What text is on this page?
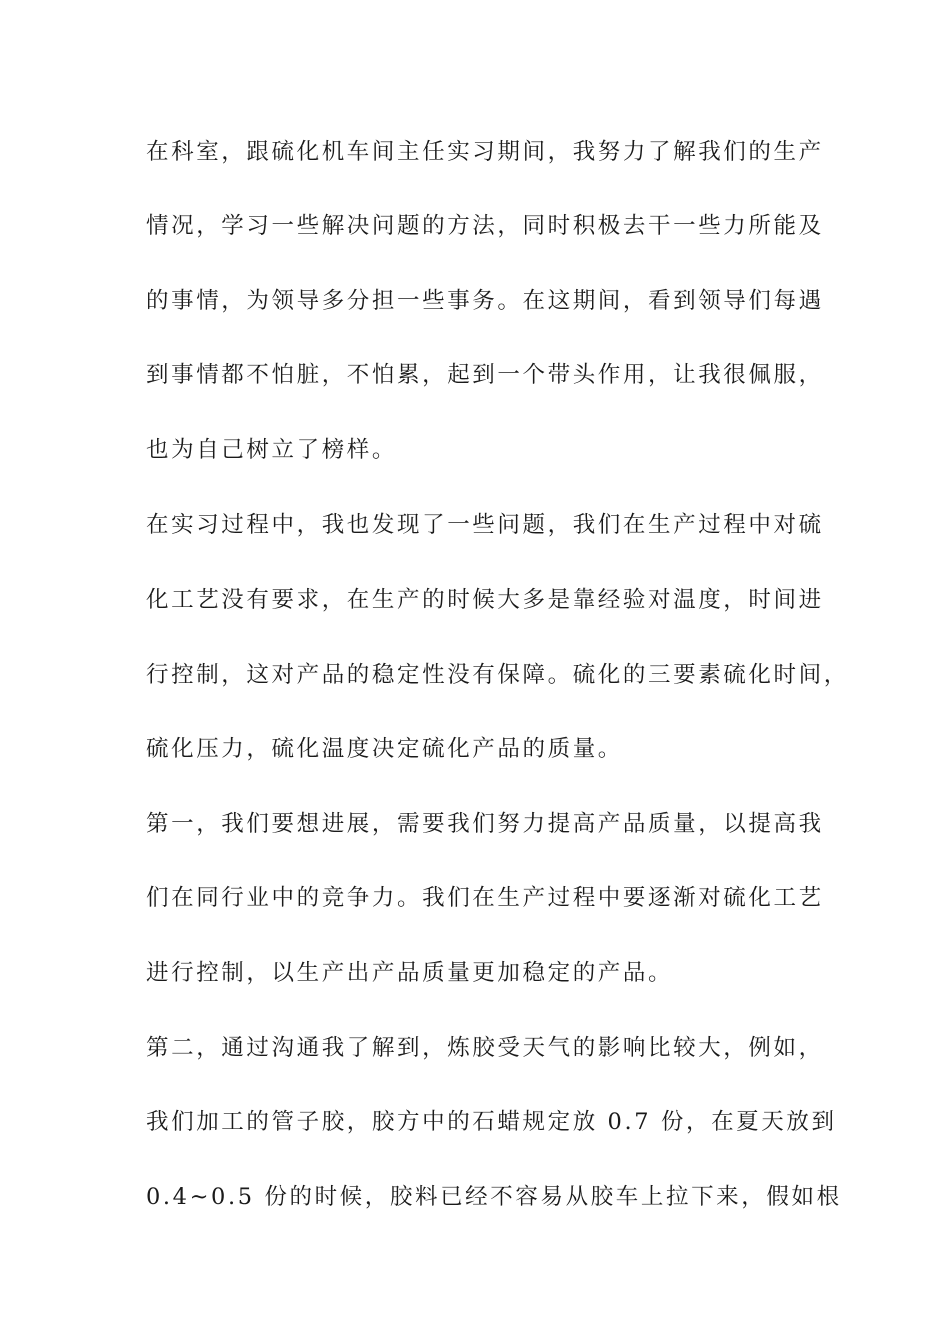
在科室，跟硫化机车间主任实习期间，我努力了解我们的生产
情况，学习一些解决问题的方法，同时积极去干一些力所能及
的事情，为领导多分担一些事务。在这期间，看到领导们每遇
到事情都不怕脏，不怕累，起到一个带头作用，让我很佩服，
也为自己树立了榜样。
在实习过程中，我也发现了一些问题，我们在生产过程中对硫
化工艺没有要求，在生产的时候大多是靠经验对温度，时间进
行控制，这对产品的稳定性没有保障。硫化的三要素硫化时间，
硫化压力，硫化温度决定硫化产品的质量。
第一，我们要想进展，需要我们努力提高产品质量，以提高我
们在同行业中的竞争力。我们在生产过程中要逐渐对硫化工艺
进行控制，以生产出产品质量更加稳定的产品。
第二，通过沟通我了解到，炼胶受天气的影响比较大，例如，
我们加工的管子胶，胶方中的石蜡规定放 0.7 份，在夏天放到
0.4~0.5 份的时候，胶料已经不容易从胶车上拉下来，假如根
